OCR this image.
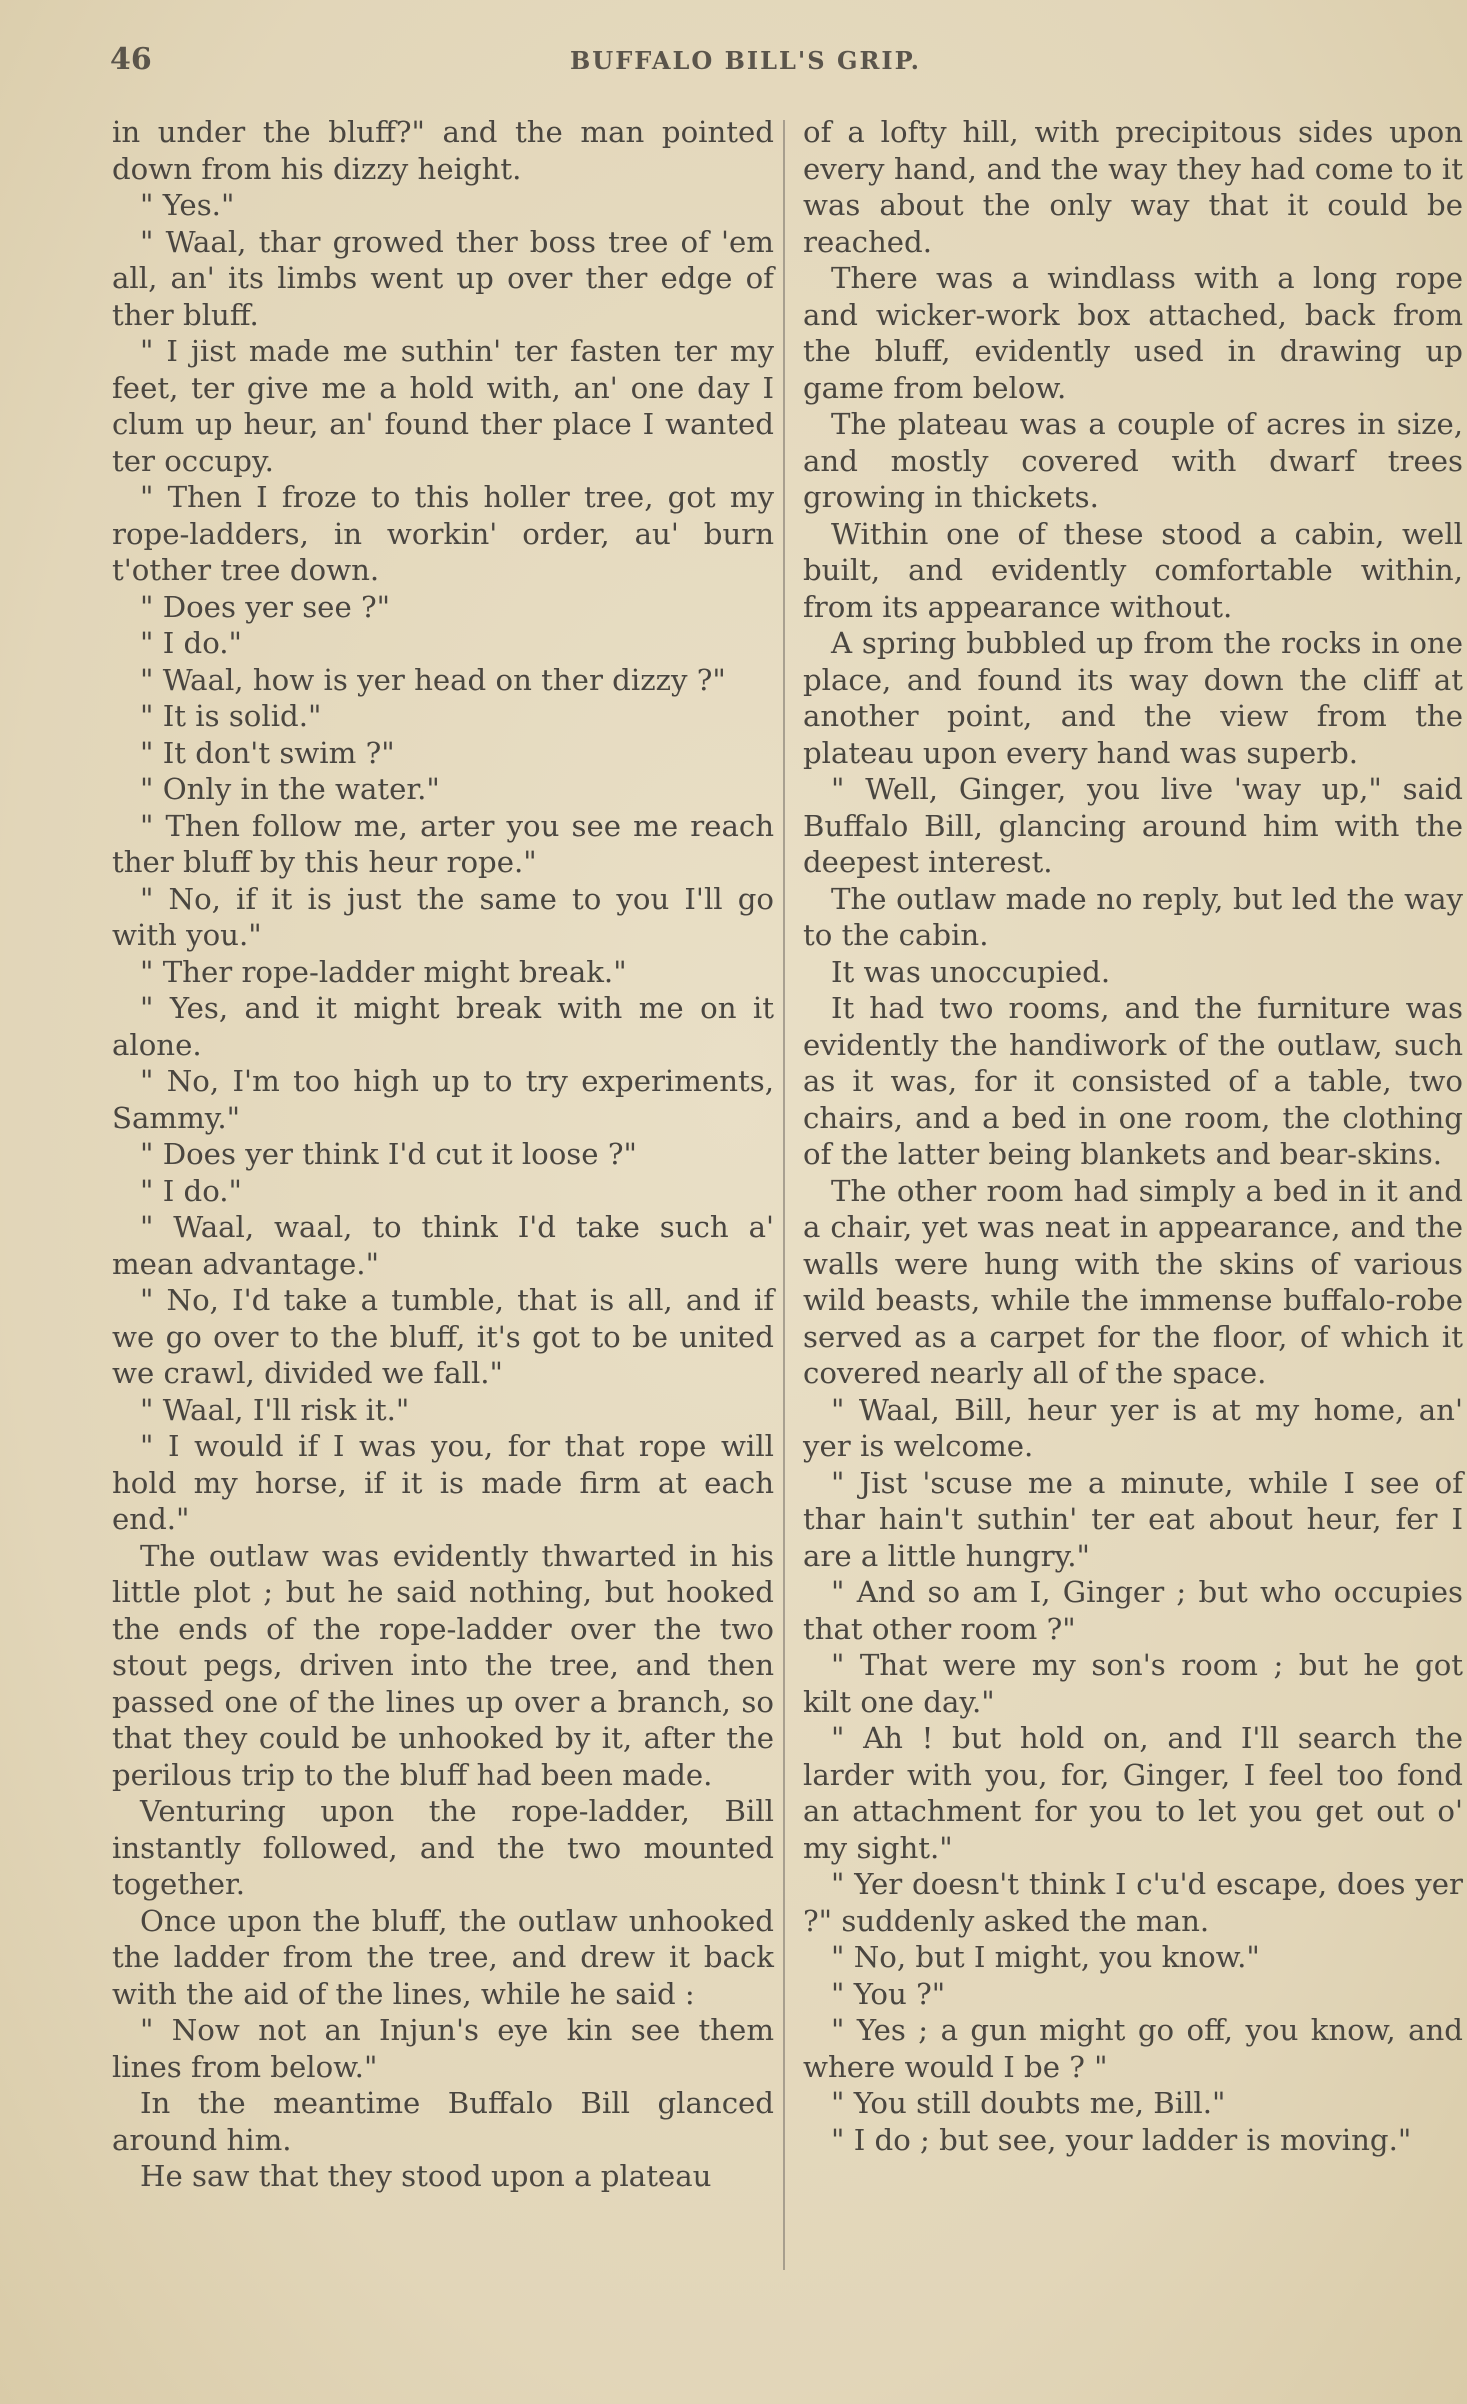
46	BUFFALO BILL'S GRIP.

in under the bluff?" and the man pointed down from his dizzy height.

" Yes."

" Waal, thar growed ther boss tree of 'em all, an' its limbs went up over ther edge of ther bluff.

" I jist made me suthin' ter fasten ter my feet, ter give me a hold with, an' one day I clum up heur, an' found ther place I wanted ter occupy.

" Then I froze to this holler tree, got my rope-ladders, in workin' order, au' burn t'other tree down.

" Does yer see ?"

" I do."

" Waal, how is yer head on ther dizzy ?"

" It is solid."

" It don't swim ?"

" Only in the water."

" Then follow me, arter you see me reach ther bluff by this heur rope."

" No, if it is just the same to you I'll go with you."

" Ther rope-ladder might break."

" Yes, and it might break with me on it alone.

" No, I'm too high up to try experiments, Sammy."

" Does yer think I'd cut it loose ?"

" I do."

" Waal, waal, to think I'd take such a' mean advantage."

" No, I'd take a tumble, that is all, and if we go over to the bluff, it's got to be united we crawl, divided we fall."

" Waal, I'll risk it."

" I would if I was you, for that rope will hold my horse, if it is made firm at each end."

The outlaw was evidently thwarted in his little plot ; but he said nothing, but hooked the ends of the rope-ladder over the two stout pegs, driven into the tree, and then passed one of the lines up over a branch, so that they could be unhooked by it, after the perilous trip to the bluff had been made.

Venturing upon the rope-ladder, Bill instantly followed, and the two mounted together.

Once upon the bluff, the outlaw unhooked the ladder from the tree, and drew it back with the aid of the lines, while he said :

" Now not an Injun's eye kin see them lines from below."

In the meantime Buffalo Bill glanced around him.

He saw that they stood upon a plateau

of a lofty hill, with precipitous sides upon every hand, and the way they had come to it was about the only way that it could be reached.

There was a windlass with a long rope and wicker-work box attached, back from the bluff, evidently used in drawing up game from below.

The plateau was a couple of acres in size, and mostly covered with dwarf trees growing in thickets.

Within one of these stood a cabin, well built, and evidently comfortable within, from its appearance without.

A spring bubbled up from the rocks in one place, and found its way down the cliff at another point, and the view from the plateau upon every hand was superb.

" Well, Ginger, you live 'way up," said Buffalo Bill, glancing around him with the deepest interest.

The outlaw made no reply, but led the way to the cabin.

It was unoccupied.

It had two rooms, and the furniture was evidently the handiwork of the outlaw, such as it was, for it consisted of a table, two chairs, and a bed in one room, the clothing of the latter being blankets and bear-skins.

The other room had simply a bed in it and a chair, yet was neat in appearance, and the walls were hung with the skins of various wild beasts, while the immense buffalo-robe served as a carpet for the floor, of which it covered nearly all of the space.

" Waal, Bill, heur yer is at my home, an' yer is welcome.

" Jist 'scuse me a minute, while I see of thar hain't suthin' ter eat about heur, fer I are a little hungry."

" And so am I, Ginger ; but who occupies that other room ?"

" That were my son's room ; but he got kilt one day."

" Ah ! but hold on, and I'll search the larder with you, for, Ginger, I feel too fond an attachment for you to let you get out o' my sight."

" Yer doesn't think I c'u'd escape, does yer ?" suddenly asked the man.

" No, but I might, you know."

" You ?"

" Yes ; a gun might go off, you know, and where would I be ? "

" You still doubts me, Bill."

" I do ; but see, your ladder is moving."
